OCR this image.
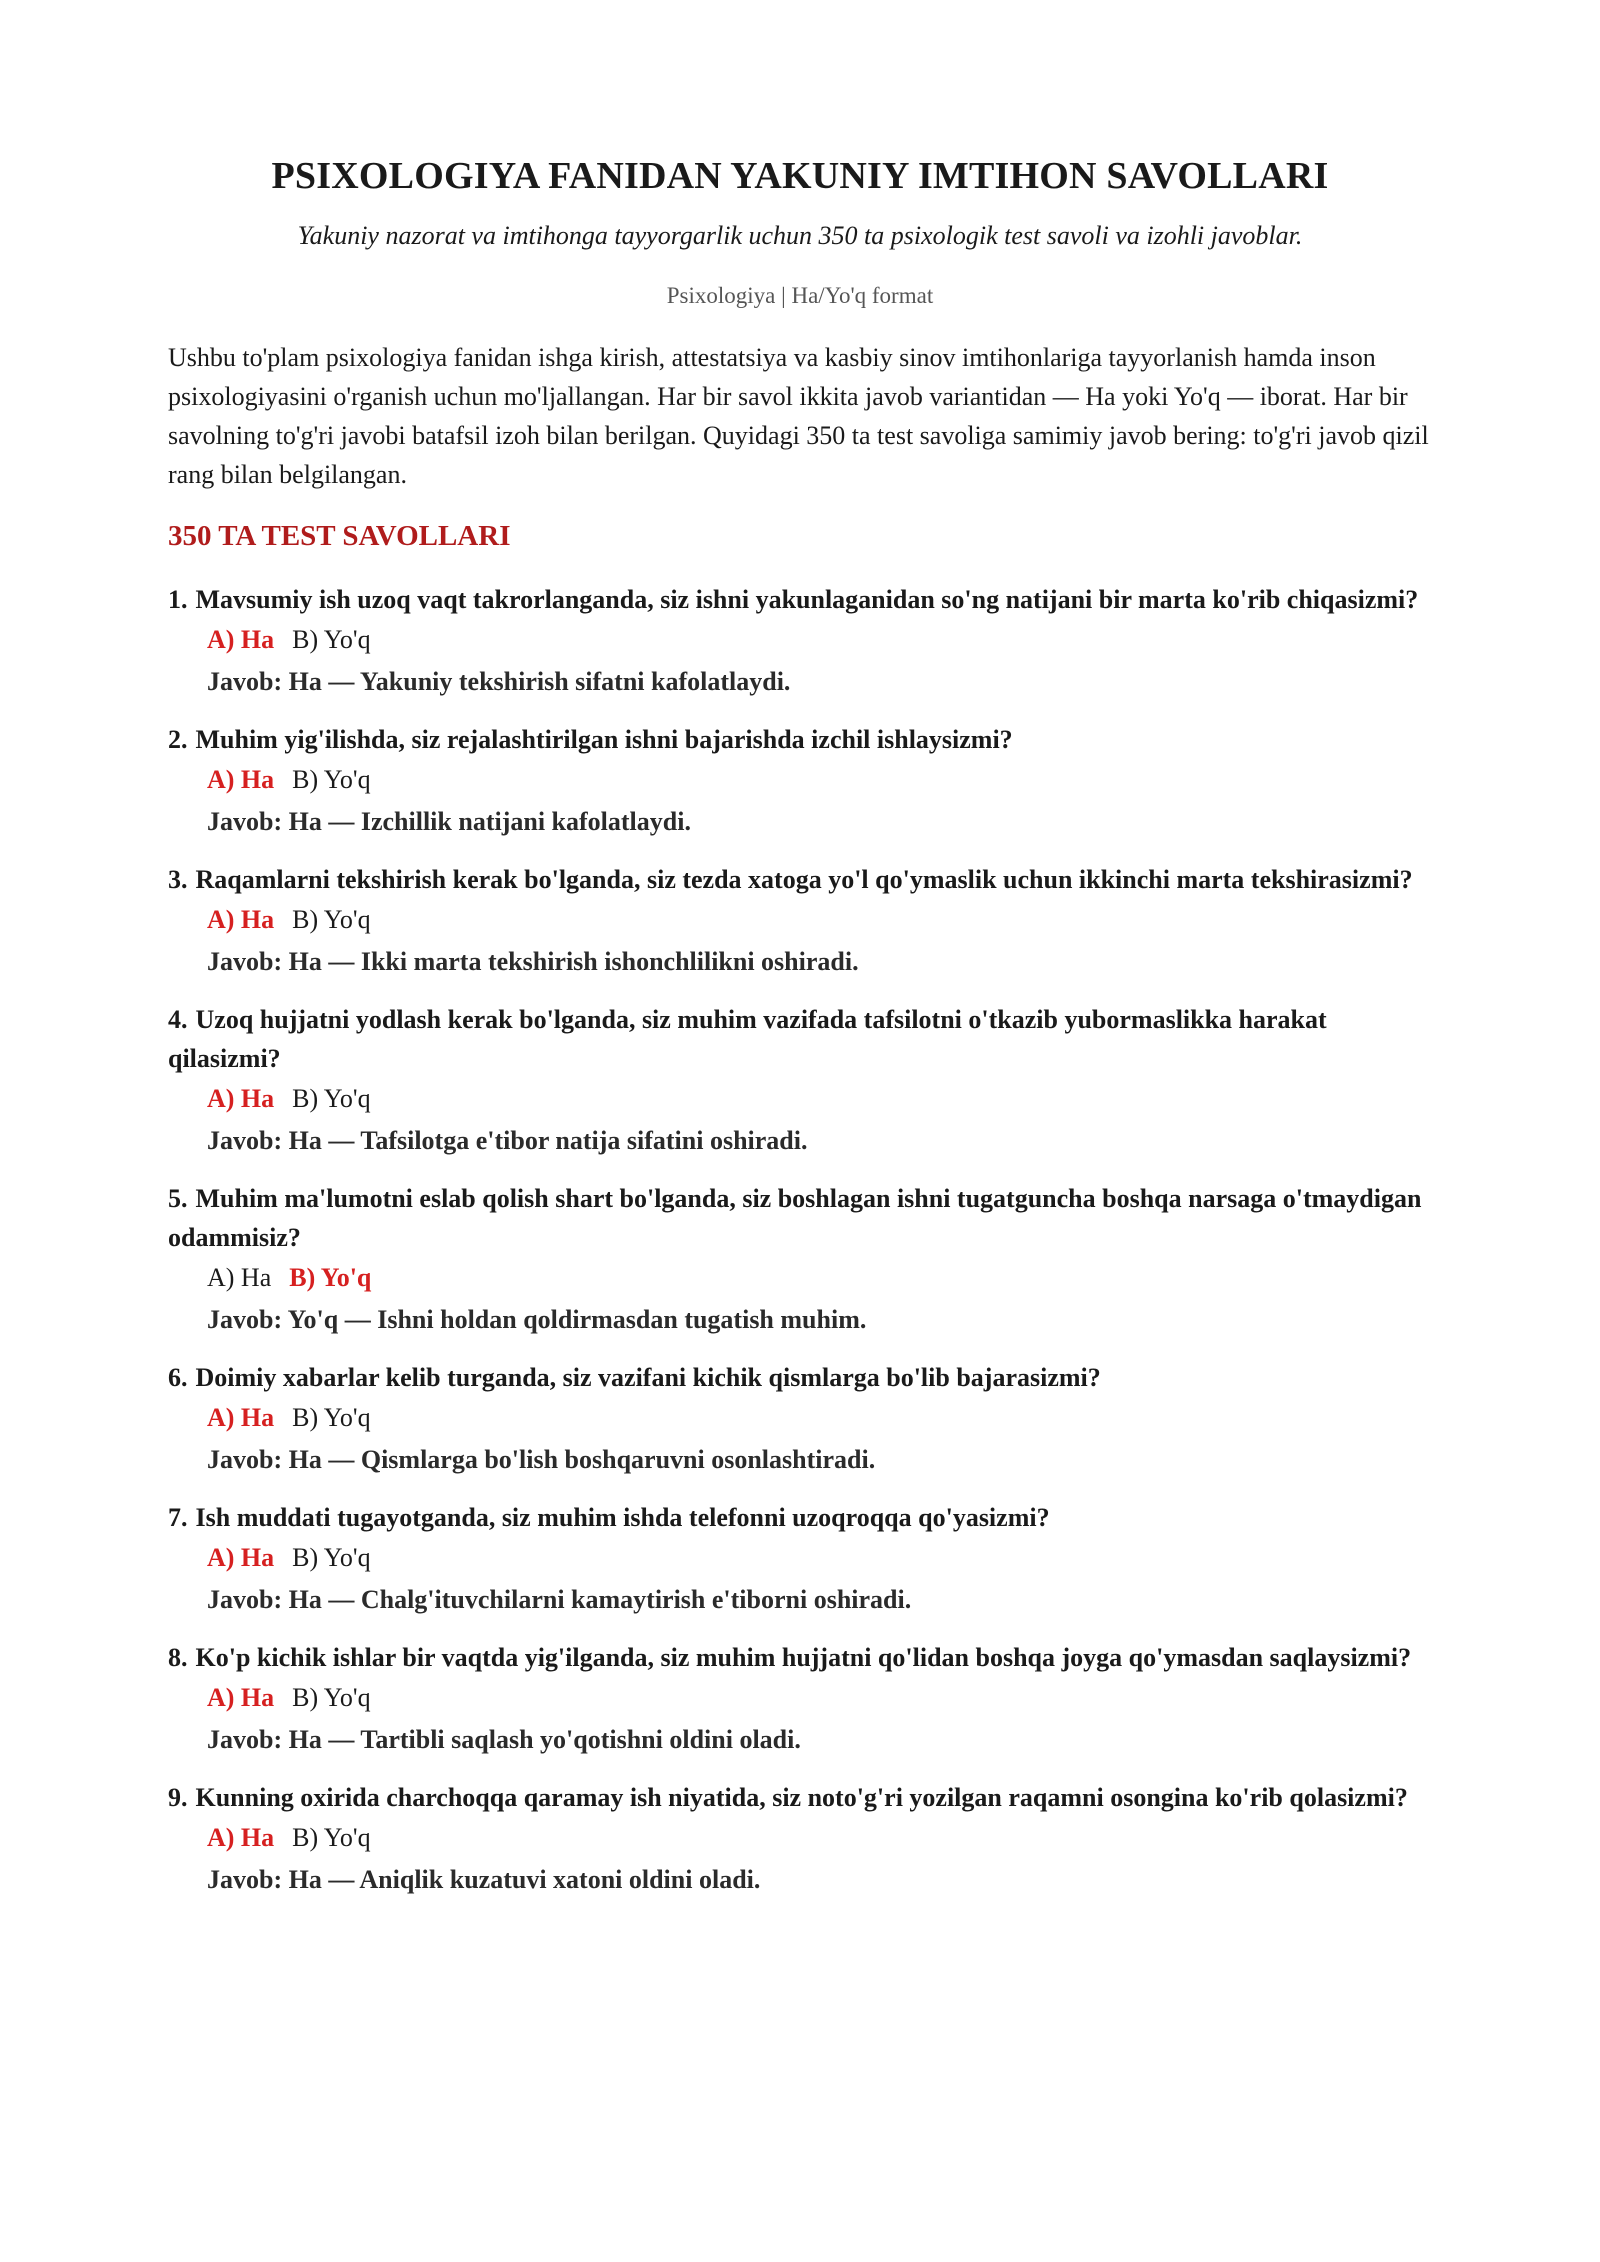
PSIXOLOGIYA FANIDAN YAKUNIY IMTIHON SAVOLLARI
Yakuniy nazorat va imtihonga tayyorgarlik uchun 350 ta psixologik test savoli va izohli javoblar.
Psixologiya | Ha/Yo'q format

Ushbu to'plam psixologiya fanidan ishga kirish, attestatsiya va kasbiy sinov imtihonlariga tayyorlanish hamda inson psixologiyasini o'rganish uchun mo'ljallangan. Har bir savol ikkita javob variantidan — Ha yoki Yo'q — iborat. Har bir savolning to'g'ri javobi batafsil izoh bilan berilgan. Quyidagi 350 ta test savoliga samimiy javob bering: to'g'ri javob qizil rang bilan belgilangan.

350 TA TEST SAVOLLARI
1. Mavsumiy ish uzoq vaqt takrorlanganda, siz ishni yakunlaganidan so'ng natijani bir marta ko'rib chiqasizmi?
A) Ha B) Yo'q
Javob: Ha — Yakuniy tekshirish sifatni kafolatlaydi.
2. Muhim yig'ilishda, siz rejalashtirilgan ishni bajarishda izchil ishlaysizmi?
A) Ha B) Yo'q
Javob: Ha — Izchillik natijani kafolatlaydi.
3. Raqamlarni tekshirish kerak bo'lganda, siz tezda xatoga yo'l qo'ymaslik uchun ikkinchi marta tekshirasizmi?
A) Ha B) Yo'q
Javob: Ha — Ikki marta tekshirish ishonchlilikni oshiradi.
4. Uzoq hujjatni yodlash kerak bo'lganda, siz muhim vazifada tafsilotni o'tkazib yubormaslikka harakat qilasizmi?
A) Ha B) Yo'q
Javob: Ha — Tafsilotga e'tibor natija sifatini oshiradi.
5. Muhim ma'lumotni eslab qolish shart bo'lganda, siz boshlagan ishni tugatguncha boshqa narsaga o'tmaydigan odammisiz?
A) Ha B) Yo'q
Javob: Yo'q — Ishni holdan qoldirmasdan tugatish muhim.
6. Doimiy xabarlar kelib turganda, siz vazifani kichik qismlarga bo'lib bajarasizmi?
A) Ha B) Yo'q
Javob: Ha — Qismlarga bo'lish boshqaruvni osonlashtiradi.
7. Ish muddati tugayotganda, siz muhim ishda telefonni uzoqroqqa qo'yasizmi?
A) Ha B) Yo'q
Javob: Ha — Chalg'ituvchilarni kamaytirish e'tiborni oshiradi.
8. Ko'p kichik ishlar bir vaqtda yig'ilganda, siz muhim hujjatni qo'lidan boshqa joyga qo'ymasdan saqlaysizmi?
A) Ha B) Yo'q
Javob: Ha — Tartibli saqlash yo'qotishni oldini oladi.
9. Kunning oxirida charchoqqa qaramay ish niyatida, siz noto'g'ri yozilgan raqamni osongina ko'rib qolasizmi?
A) Ha B) Yo'q
Javob: Ha — Aniqlik kuzatuvi xatoni oldini oladi.
